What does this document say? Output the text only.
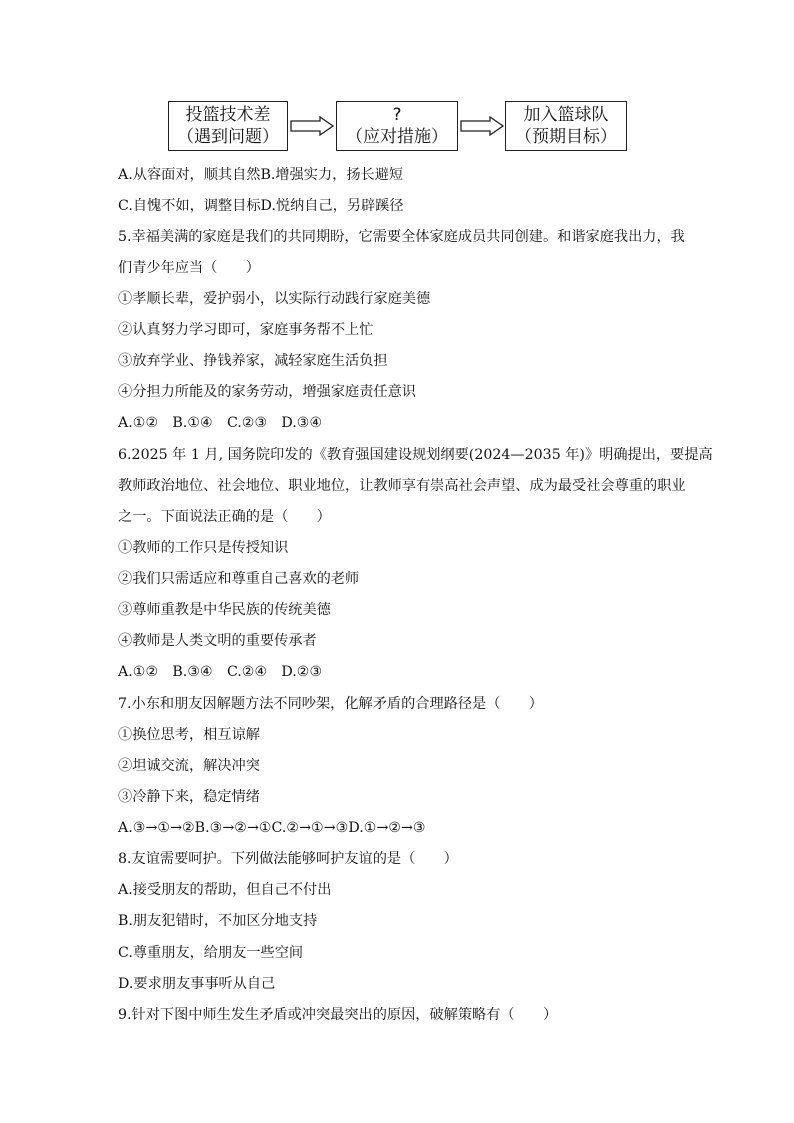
投篮技术差
（遇到问题）
?
（应对措施）
加入篮球队
（预期目标）
A.从容面对，顺其自然B.增强实力，扬长避短
C.自愧不如，调整目标D.悦纳自己，另辟蹊径
5.幸福美满的家庭是我们的共同期盼，它需要全体家庭成员共同创建。和谐家庭我出力，我
们青少年应当（　　）
①孝顺长辈，爱护弱小，以实际行动践行家庭美德
②认真努力学习即可，家庭事务帮不上忙
③放弃学业、挣钱养家，减轻家庭生活负担
④分担力所能及的家务劳动，增强家庭责任意识
A.①②　B.①④　C.②③　D.③④
6.2025 年 1 月, 国务院印发的《教育强国建设规划纲要(2024—2035 年)》明确提出，要提高
教师政治地位、社会地位、职业地位，让教师享有崇高社会声望、成为最受社会尊重的职业
之一。下面说法正确的是（　　）
①教师的工作只是传授知识
②我们只需适应和尊重自己喜欢的老师
③尊师重教是中华民族的传统美德
④教师是人类文明的重要传承者
A.①②　B.③④　C.②④　D.②③
7.小东和朋友因解题方法不同吵架，化解矛盾的合理路径是（　　）
①换位思考，相互谅解
②坦诚交流，解决冲突
③冷静下来，稳定情绪
A.③→①→②B.③→②→①C.②→①→③D.①→②→③
8.友谊需要呵护。下列做法能够呵护友谊的是（　　）
A.接受朋友的帮助，但自己不付出
B.朋友犯错时，不加区分地支持
C.尊重朋友，给朋友一些空间
D.要求朋友事事听从自己
9.针对下图中师生发生矛盾或冲突最突出的原因，破解策略有（　　）
